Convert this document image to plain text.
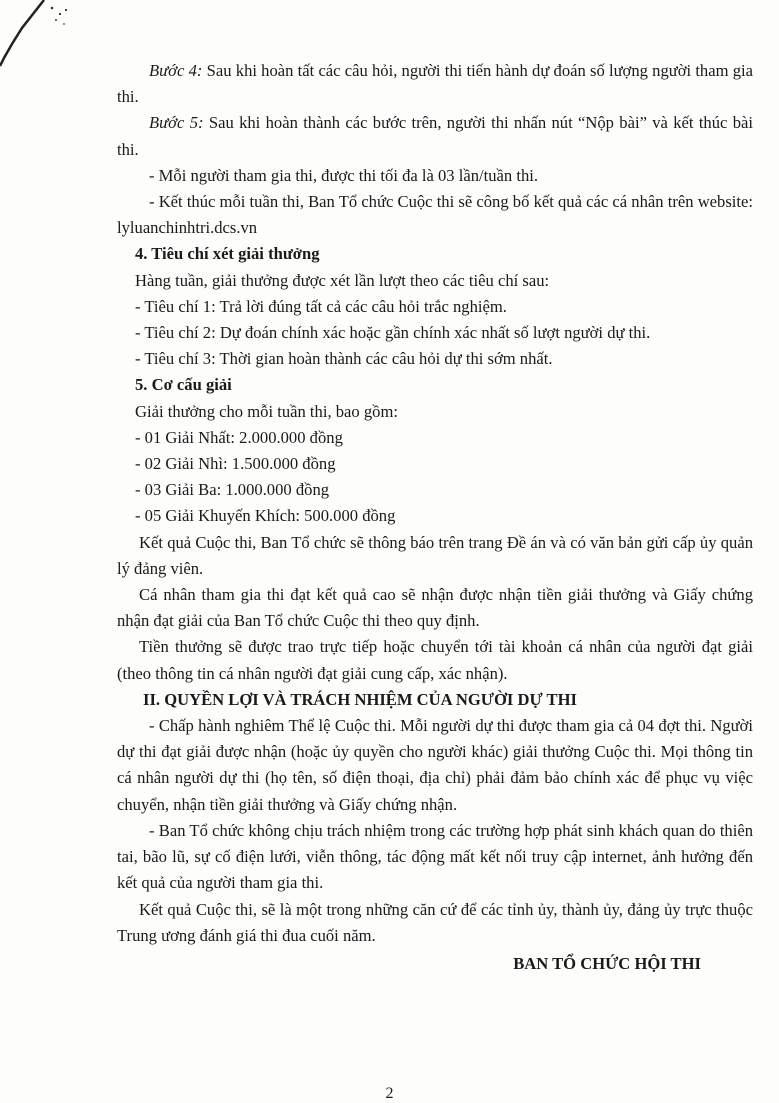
Bước 4: Sau khi hoàn tất các câu hỏi, người thi tiến hành dự đoán số lượng người tham gia thi.

Bước 5: Sau khi hoàn thành các bước trên, người thi nhấn nút “Nộp bài” và kết thúc bài thi.

- Mỗi người tham gia thi, được thi tối đa là 03 lần/tuần thi.

- Kết thúc mỗi tuần thi, Ban Tổ chức Cuộc thi sẽ công bố kết quả các cá nhân trên website: lyluanchinhtri.dcs.vn

4. Tiêu chí xét giải thưởng

Hàng tuần, giải thưởng được xét lần lượt theo các tiêu chí sau:

- Tiêu chí 1: Trả lời đúng tất cả các câu hỏi trắc nghiệm.

- Tiêu chí 2: Dự đoán chính xác hoặc gần chính xác nhất số lượt người dự thi.

- Tiêu chí 3: Thời gian hoàn thành các câu hỏi dự thi sớm nhất.

5. Cơ cấu giải

Giải thưởng cho mỗi tuần thi, bao gồm:

- 01 Giải Nhất: 2.000.000 đồng

- 02 Giải Nhì: 1.500.000 đồng

- 03 Giải Ba: 1.000.000 đồng

- 05 Giải Khuyến Khích: 500.000 đồng

Kết quả Cuộc thi, Ban Tổ chức sẽ thông báo trên trang Đề án và có văn bản gửi cấp ủy quản lý đảng viên.

Cá nhân tham gia thi đạt kết quả cao sẽ nhận được nhận tiền giải thưởng và Giấy chứng nhận đạt giải của Ban Tổ chức Cuộc thi theo quy định.

Tiền thưởng sẽ được trao trực tiếp hoặc chuyển tới tài khoản cá nhân của người đạt giải (theo thông tin cá nhân người đạt giải cung cấp, xác nhận).

II. QUYỀN LỢI VÀ TRÁCH NHIỆM CỦA NGƯỜI DỰ THI

- Chấp hành nghiêm Thể lệ Cuộc thi. Mỗi người dự thi được tham gia cả 04 đợt thi. Người dự thi đạt giải được nhận (hoặc ủy quyền cho người khác) giải thưởng Cuộc thi. Mọi thông tin cá nhân người dự thi (họ tên, số điện thoại, địa chỉ) phải đảm bảo chính xác để phục vụ việc chuyển, nhận tiền giải thưởng và Giấy chứng nhận.

- Ban Tổ chức không chịu trách nhiệm trong các trường hợp phát sinh khách quan do thiên tai, bão lũ, sự cố điện lưới, viễn thông, tác động mất kết nối truy cập internet, ảnh hưởng đến kết quả của người tham gia thi.

Kết quả Cuộc thi, sẽ là một trong những căn cứ để các tỉnh ủy, thành ủy, đảng ủy trực thuộc Trung ương đánh giá thi đua cuối năm.

BAN TỔ CHỨC HỘI THI

2
